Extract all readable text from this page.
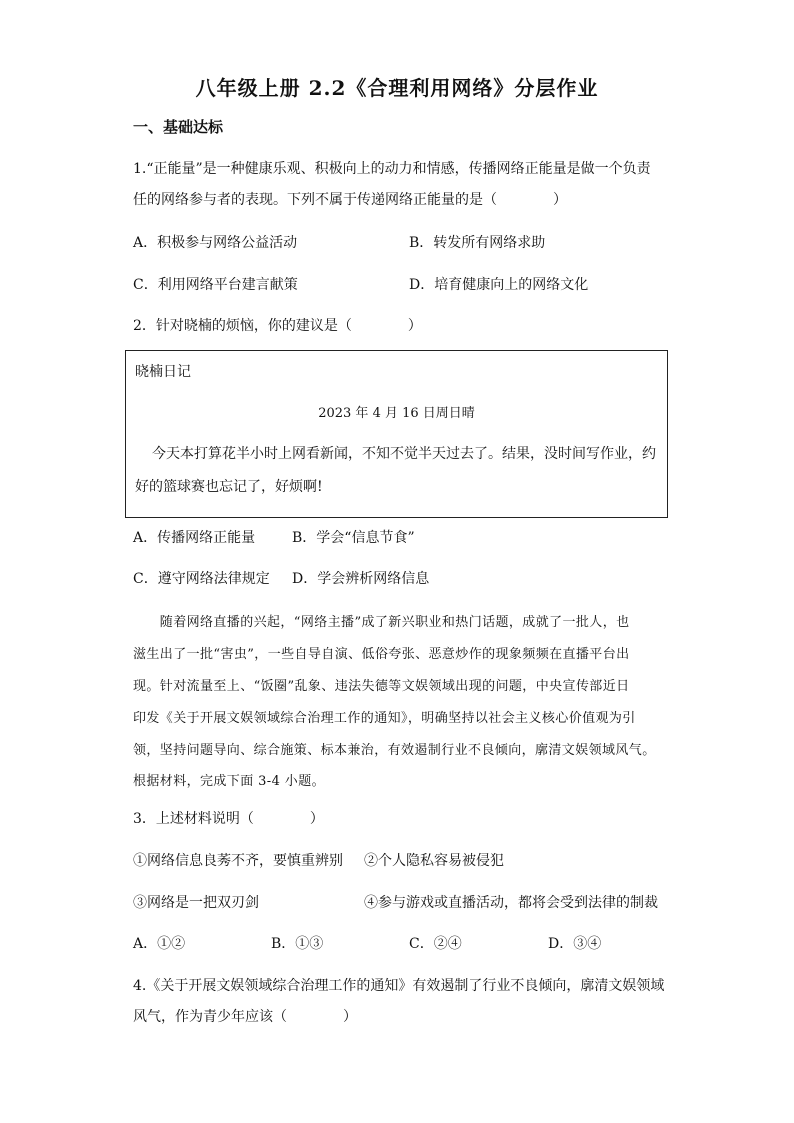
八年级上册 2.2《合理利用网络》分层作业
一、基础达标
1.“正能量”是一种健康乐观、积极向上的动力和情感，传播网络正能量是做一个负责
任的网络参与者的表现。下列不属于传递网络正能量的是（　　　　）
A．积极参与网络公益活动	B．转发所有网络求助
C．利用网络平台建言献策	D．培育健康向上的网络文化
2．针对晓楠的烦恼，你的建议是（　　　　）
晓楠日记
2023 年 4 月 16 日周日晴
今天本打算花半小时上网看新闻，不知不觉半天过去了。结果，没时间写作业，约
好的篮球赛也忘记了，好烦啊!
A．传播网络正能量	B．学会“信息节食”
C．遵守网络法律规定 D．学会辨析网络信息
　　随着网络直播的兴起，“网络主播”成了新兴职业和热门话题，成就了一批人，也
滋生出了一批“害虫”，一些自导自演、低俗夸张、恶意炒作的现象频频在直播平台出
现。针对流量至上、“饭圈”乱象、违法失德等文娱领域出现的问题，中央宣传部近日
印发《关于开展文娱领域综合治理工作的通知》，明确坚持以社会主义核心价值观为引
领，坚持问题导向、综合施策、标本兼治，有效遏制行业不良倾向，廓清文娱领域风气。
根据材料，完成下面 3-4 小题。
3．上述材料说明（　　　　）
①网络信息良莠不齐，要慎重辨别 ②个人隐私容易被侵犯
③网络是一把双刃剑	④参与游戏或直播活动，都将会受到法律的制裁
A．①②	B．①③	C．②④	D．③④
4.《关于开展文娱领域综合治理工作的通知》有效遏制了行业不良倾向，廓清文娱领域
风气，作为青少年应该（　　　　）
